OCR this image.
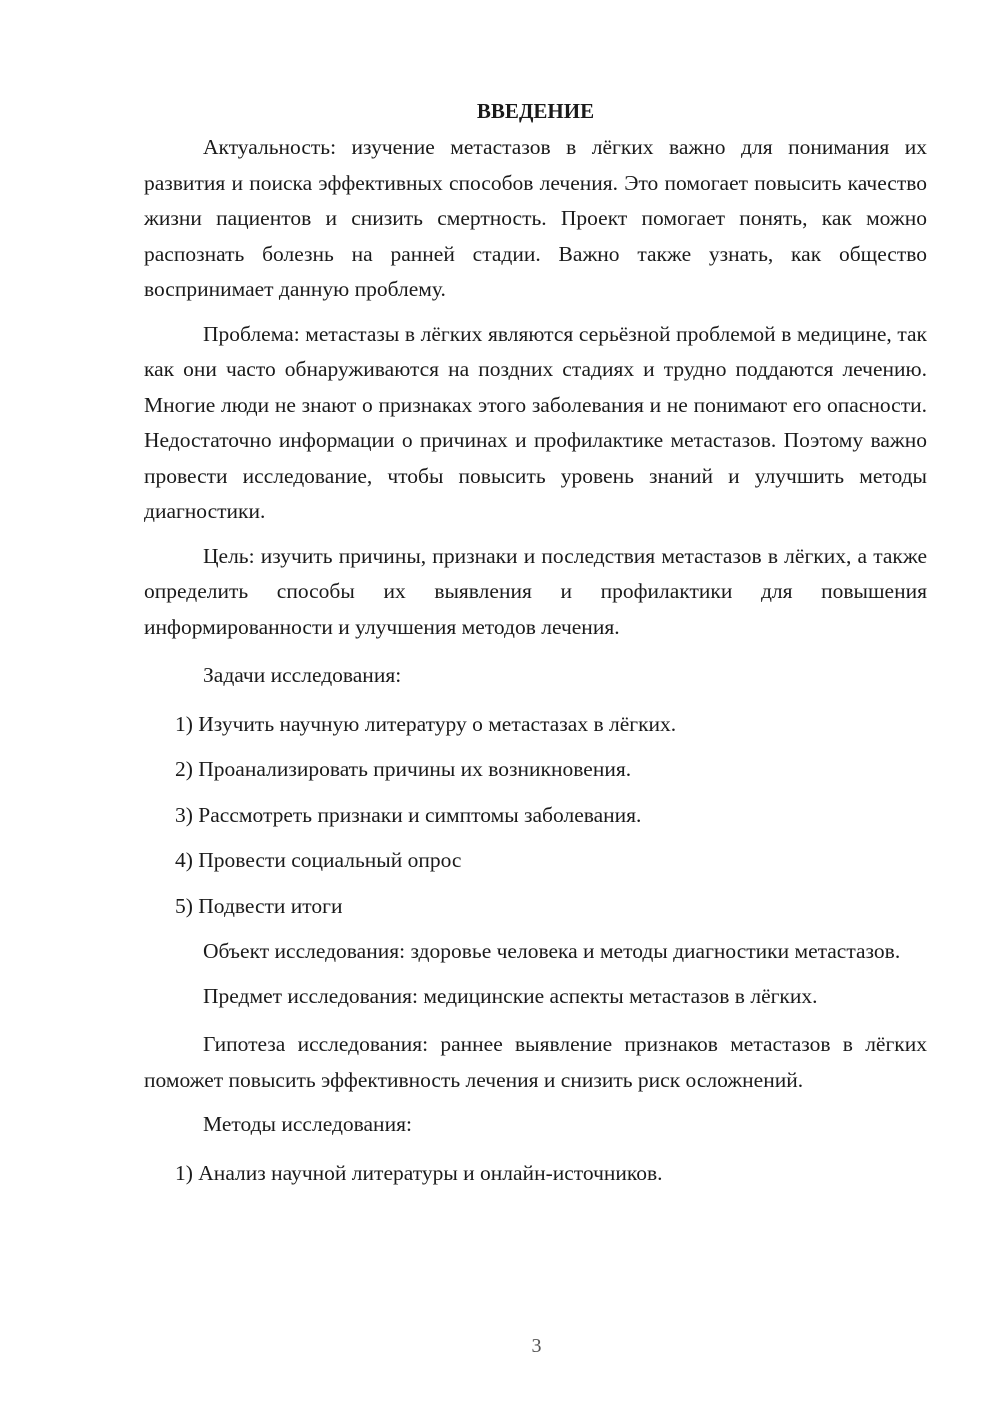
ВВЕДЕНИЕ

Актуальность: изучение метастазов в лёгких важно для понимания их развития и поиска эффективных способов лечения. Это помогает повысить качество жизни пациентов и снизить смертность. Проект помогает понять, как можно распознать болезнь на ранней стадии. Важно также узнать, как общество воспринимает данную проблему.

Проблема: метастазы в лёгких являются серьёзной проблемой в медицине, так как они часто обнаруживаются на поздних стадиях и трудно поддаются лечению. Многие люди не знают о признаках этого заболевания и не понимают его опасности. Недостаточно информации о причинах и профилактике метастазов. Поэтому важно провести исследование, чтобы повысить уровень знаний и улучшить методы диагностики.

Цель: изучить причины, признаки и последствия метастазов в лёгких, а также определить способы их выявления и профилактики для повышения информированности и улучшения методов лечения.

Задачи исследования:

1) Изучить научную литературу о метастазах в лёгких.

2) Проанализировать причины их возникновения.

3) Рассмотреть признаки и симптомы заболевания.

4) Провести социальный опрос

5) Подвести итоги

Объект исследования: здоровье человека и методы диагностики метастазов.

Предмет исследования: медицинские аспекты метастазов в лёгких.

Гипотеза исследования: раннее выявление признаков метастазов в лёгких поможет повысить эффективность лечения и снизить риск осложнений.

Методы исследования:

1) Анализ научной литературы и онлайн-источников.

3
